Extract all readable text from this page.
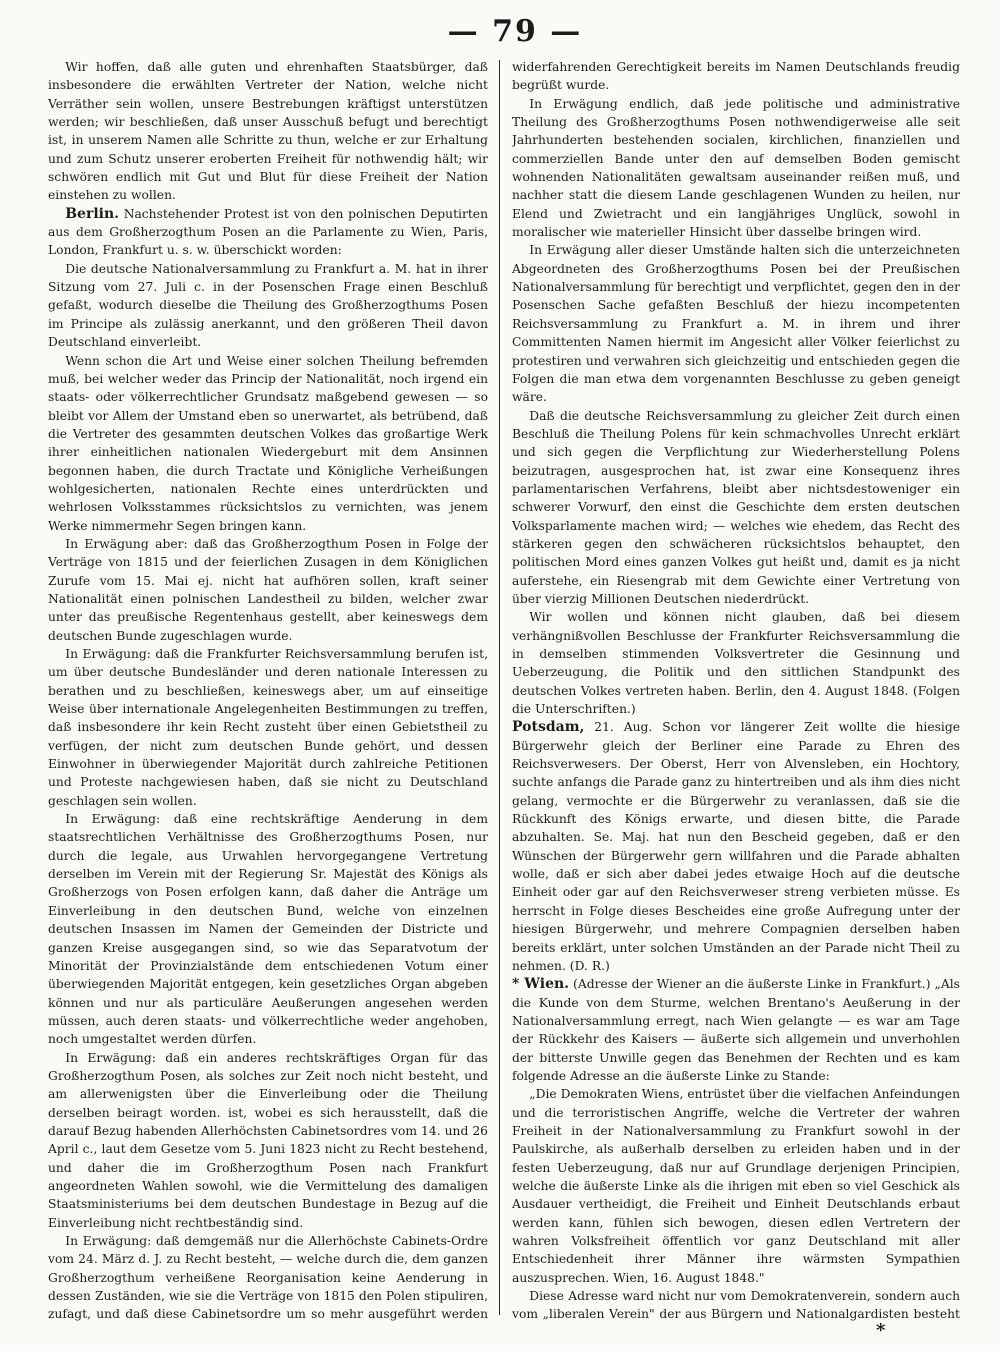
— 79 —

Wir hoffen, daß alle guten und ehrenhaften Staatsbürger, daß insbesondere die erwählten Vertreter der Nation, welche nicht Verräther sein wollen, unsere Bestrebungen kräftigst unterstützen werden; wir beschließen, daß unser Ausschuß befugt und berechtigt ist, in unserem Namen alle Schritte zu thun, welche er zur Erhaltung und zum Schutz unserer eroberten Freiheit für nothwendig hält; wir schwören endlich mit Gut und Blut für diese Freiheit der Nation einstehen zu wollen.

Berlin. Nachstehender Protest ist von den polnischen Deputirten aus dem Großherzogthum Posen an die Parlamente zu Wien, Paris, London, Frankfurt u. s. w. überschickt worden:

Die deutsche Nationalversammlung zu Frankfurt a. M. hat in ihrer Sitzung vom 27. Juli c. in der Posenschen Frage einen Beschluß gefaßt, wodurch dieselbe die Theilung des Großherzogthums Posen im Principe als zulässig anerkannt, und den größeren Theil davon Deutschland einverleibt.

Wenn schon die Art und Weise einer solchen Theilung befremden muß, bei welcher weder das Princip der Nationalität, noch irgend ein staats- oder völkerrechtlicher Grundsatz maßgebend gewesen — so bleibt vor Allem der Umstand eben so unerwartet, als betrübend, daß die Vertreter des gesammten deutschen Volkes das großartige Werk ihrer einheitlichen nationalen Wiedergeburt mit dem Ansinnen begonnen haben, die durch Tractate und Königliche Verheißungen wohlgesicherten, nationalen Rechte eines unterdrückten und wehrlosen Volksstammes rücksichtslos zu vernichten, was jenem Werke nimmermehr Segen bringen kann.

In Erwägung aber: daß das Großherzogthum Posen in Folge der Verträge von 1815 und der feierlichen Zusagen in dem Königlichen Zurufe vom 15. Mai ej. nicht hat aufhören sollen, kraft seiner Nationalität einen polnischen Landestheil zu bilden, welcher zwar unter das preußische Regentenhaus gestellt, aber keineswegs dem deutschen Bunde zugeschlagen wurde.

In Erwägung: daß die Frankfurter Reichsversammlung berufen ist, um über deutsche Bundesländer und deren nationale Interessen zu berathen und zu beschließen, keineswegs aber, um auf einseitige Weise über internationale Angelegenheiten Bestimmungen zu treffen, daß insbesondere ihr kein Recht zusteht über einen Gebietstheil zu verfügen, der nicht zum deutschen Bunde gehört, und dessen Einwohner in überwiegender Majorität durch zahlreiche Petitionen und Proteste nachgewiesen haben, daß sie nicht zu Deutschland geschlagen sein wollen.

In Erwägung: daß eine rechtskräftige Aenderung in dem staatsrechtlichen Verhältnisse des Großherzogthums Posen, nur durch die legale, aus Urwahlen hervorgegangene Vertretung derselben im Verein mit der Regierung Sr. Majestät des Königs als Großherzogs von Posen erfolgen kann, daß daher die Anträge um Einverleibung in den deutschen Bund, welche von einzelnen deutschen Insassen im Namen der Gemeinden der Districte und ganzen Kreise ausgegangen sind, so wie das Separatvotum der Minorität der Provinzialstände dem entschiedenen Votum einer überwiegenden Majorität entgegen, kein gesetzliches Organ abgeben können und nur als particuläre Aeußerungen angesehen werden müssen, auch deren staats- und völkerrechtliche weder angehoben, noch umgestaltet werden dürfen.

In Erwägung: daß ein anderes rechtskräftiges Organ für das Großherzogthum Posen, als solches zur Zeit noch nicht besteht, und am allerwenigsten über die Einverleibung oder die Theilung derselben beiragt worden. ist, wobei es sich herausstellt, daß die darauf Bezug habenden Allerhöchsten Cabinetsordres vom 14. und 26 April c., laut dem Gesetze vom 5. Juni 1823 nicht zu Recht bestehend, und daher die im Großherzogthum Posen nach Frankfurt angeordneten Wahlen sowohl, wie die Vermittelung des damaligen Staatsministeriums bei dem deutschen Bundestage in Bezug auf die Einverleibung nicht rechtbeständig sind.

In Erwägung: daß demgemäß nur die Allerhöchste Cabinets-Ordre vom 24. März d. J. zu Recht besteht, — welche durch die, dem ganzen Großherzogthum verheißene Reorganisation keine Aenderung in dessen Zuständen, wie sie die Verträge von 1815 den Polen stipuliren, zufagt, und daß diese Cabinetsordre um so mehr ausgeführt werden

widerfahrenden Gerechtigkeit bereits im Namen Deutschlands freudig begrüßt wurde.

In Erwägung endlich, daß jede politische und administrative Theilung des Großherzogthums Posen nothwendigerweise alle seit Jahrhunderten bestehenden socialen, kirchlichen, finanziellen und commerziellen Bande unter den auf demselben Boden gemischt wohnenden Nationalitäten gewaltsam auseinander reißen muß, und nachher statt die diesem Lande geschlagenen Wunden zu heilen, nur Elend und Zwietracht und ein langjähriges Unglück, sowohl in moralischer wie materieller Hinsicht über dasselbe bringen wird.

In Erwägung aller dieser Umstände halten sich die unterzeichneten Abgeordneten des Großherzogthums Posen bei der Preußischen Nationalversammlung für berechtigt und verpflichtet, gegen den in der Posenschen Sache gefaßten Beschluß der hiezu incompetenten Reichsversammlung zu Frankfurt a. M. in ihrem und ihrer Committenten Namen hiermit im Angesicht aller Völker feierlichst zu protestiren und verwahren sich gleichzeitig und entschieden gegen die Folgen die man etwa dem vorgenannten Beschlusse zu geben geneigt wäre.

Daß die deutsche Reichsversammlung zu gleicher Zeit durch einen Beschluß die Theilung Polens für kein schmachvolles Unrecht erklärt und sich gegen die Verpflichtung zur Wiederherstellung Polens beizutragen, ausgesprochen hat, ist zwar eine Konsequenz ihres parlamentarischen Verfahrens, bleibt aber nichtsdestoweniger ein schwerer Vorwurf, den einst die Geschichte dem ersten deutschen Volksparlamente machen wird; — welches wie ehedem, das Recht des stärkeren gegen den schwächeren rücksichtslos behauptet, den politischen Mord eines ganzen Volkes gut heißt und, damit es ja nicht auferstehe, ein Riesengrab mit dem Gewichte einer Vertretung von über vierzig Millionen Deutschen niederdrückt.

Wir wollen und können nicht glauben, daß bei diesem verhängnißvollen Beschlusse der Frankfurter Reichsversammlung die in demselben stimmenden Volksvertreter die Gesinnung und Ueberzeugung, die Politik und den sittlichen Standpunkt des deutschen Volkes vertreten haben. Berlin, den 4. August 1848. (Folgen die Unterschriften.)

Potsdam, 21. Aug. Schon vor längerer Zeit wollte die hiesige Bürgerwehr gleich der Berliner eine Parade zu Ehren des Reichsverwesers. Der Oberst, Herr von Alvensleben, ein Hochtory, suchte anfangs die Parade ganz zu hintertreiben und als ihm dies nicht gelang, vermochte er die Bürgerwehr zu veranlassen, daß sie die Rückkunft des Königs erwarte, und diesen bitte, die Parade abzuhalten. Se. Maj. hat nun den Bescheid gegeben, daß er den Wünschen der Bürgerwehr gern willfahren und die Parade abhalten wolle, daß er sich aber dabei jedes etwaige Hoch auf die deutsche Einheit oder gar auf den Reichsverweser streng verbieten müsse. Es herrscht in Folge dieses Bescheides eine große Aufregung unter der hiesigen Bürgerwehr, und mehrere Compagnien derselben haben bereits erklärt, unter solchen Umständen an der Parade nicht Theil zu nehmen. (D. R.)

* Wien. (Adresse der Wiener an die äußerste Linke in Frankfurt.) „Als die Kunde von dem Sturme, welchen Brentano's Aeußerung in der Nationalversammlung erregt, nach Wien gelangte — es war am Tage der Rückkehr des Kaisers — äußerte sich allgemein und unverhohlen der bitterste Unwille gegen das Benehmen der Rechten und es kam folgende Adresse an die äußerste Linke zu Stande:

„Die Demokraten Wiens, entrüstet über die vielfachen Anfeindungen und die terroristischen Angriffe, welche die Vertreter der wahren Freiheit in der Nationalversammlung zu Frankfurt sowohl in der Paulskirche, als außerhalb derselben zu erleiden haben und in der festen Ueberzeugung, daß nur auf Grundlage derjenigen Principien, welche die äußerste Linke als die ihrigen mit eben so viel Geschick als Ausdauer vertheidigt, die Freiheit und Einheit Deutschlands erbaut werden kann, fühlen sich bewogen, diesen edlen Vertretern der wahren Volksfreiheit öffentlich vor ganz Deutschland mit aller Entschiedenheit ihrer Männer ihre wärmsten Sympathien auszusprechen. Wien, 16. August 1848."

Diese Adresse ward nicht nur vom Demokratenverein, sondern auch vom „liberalen Verein" der aus Bürgern und Nationalgardisten besteht

*
